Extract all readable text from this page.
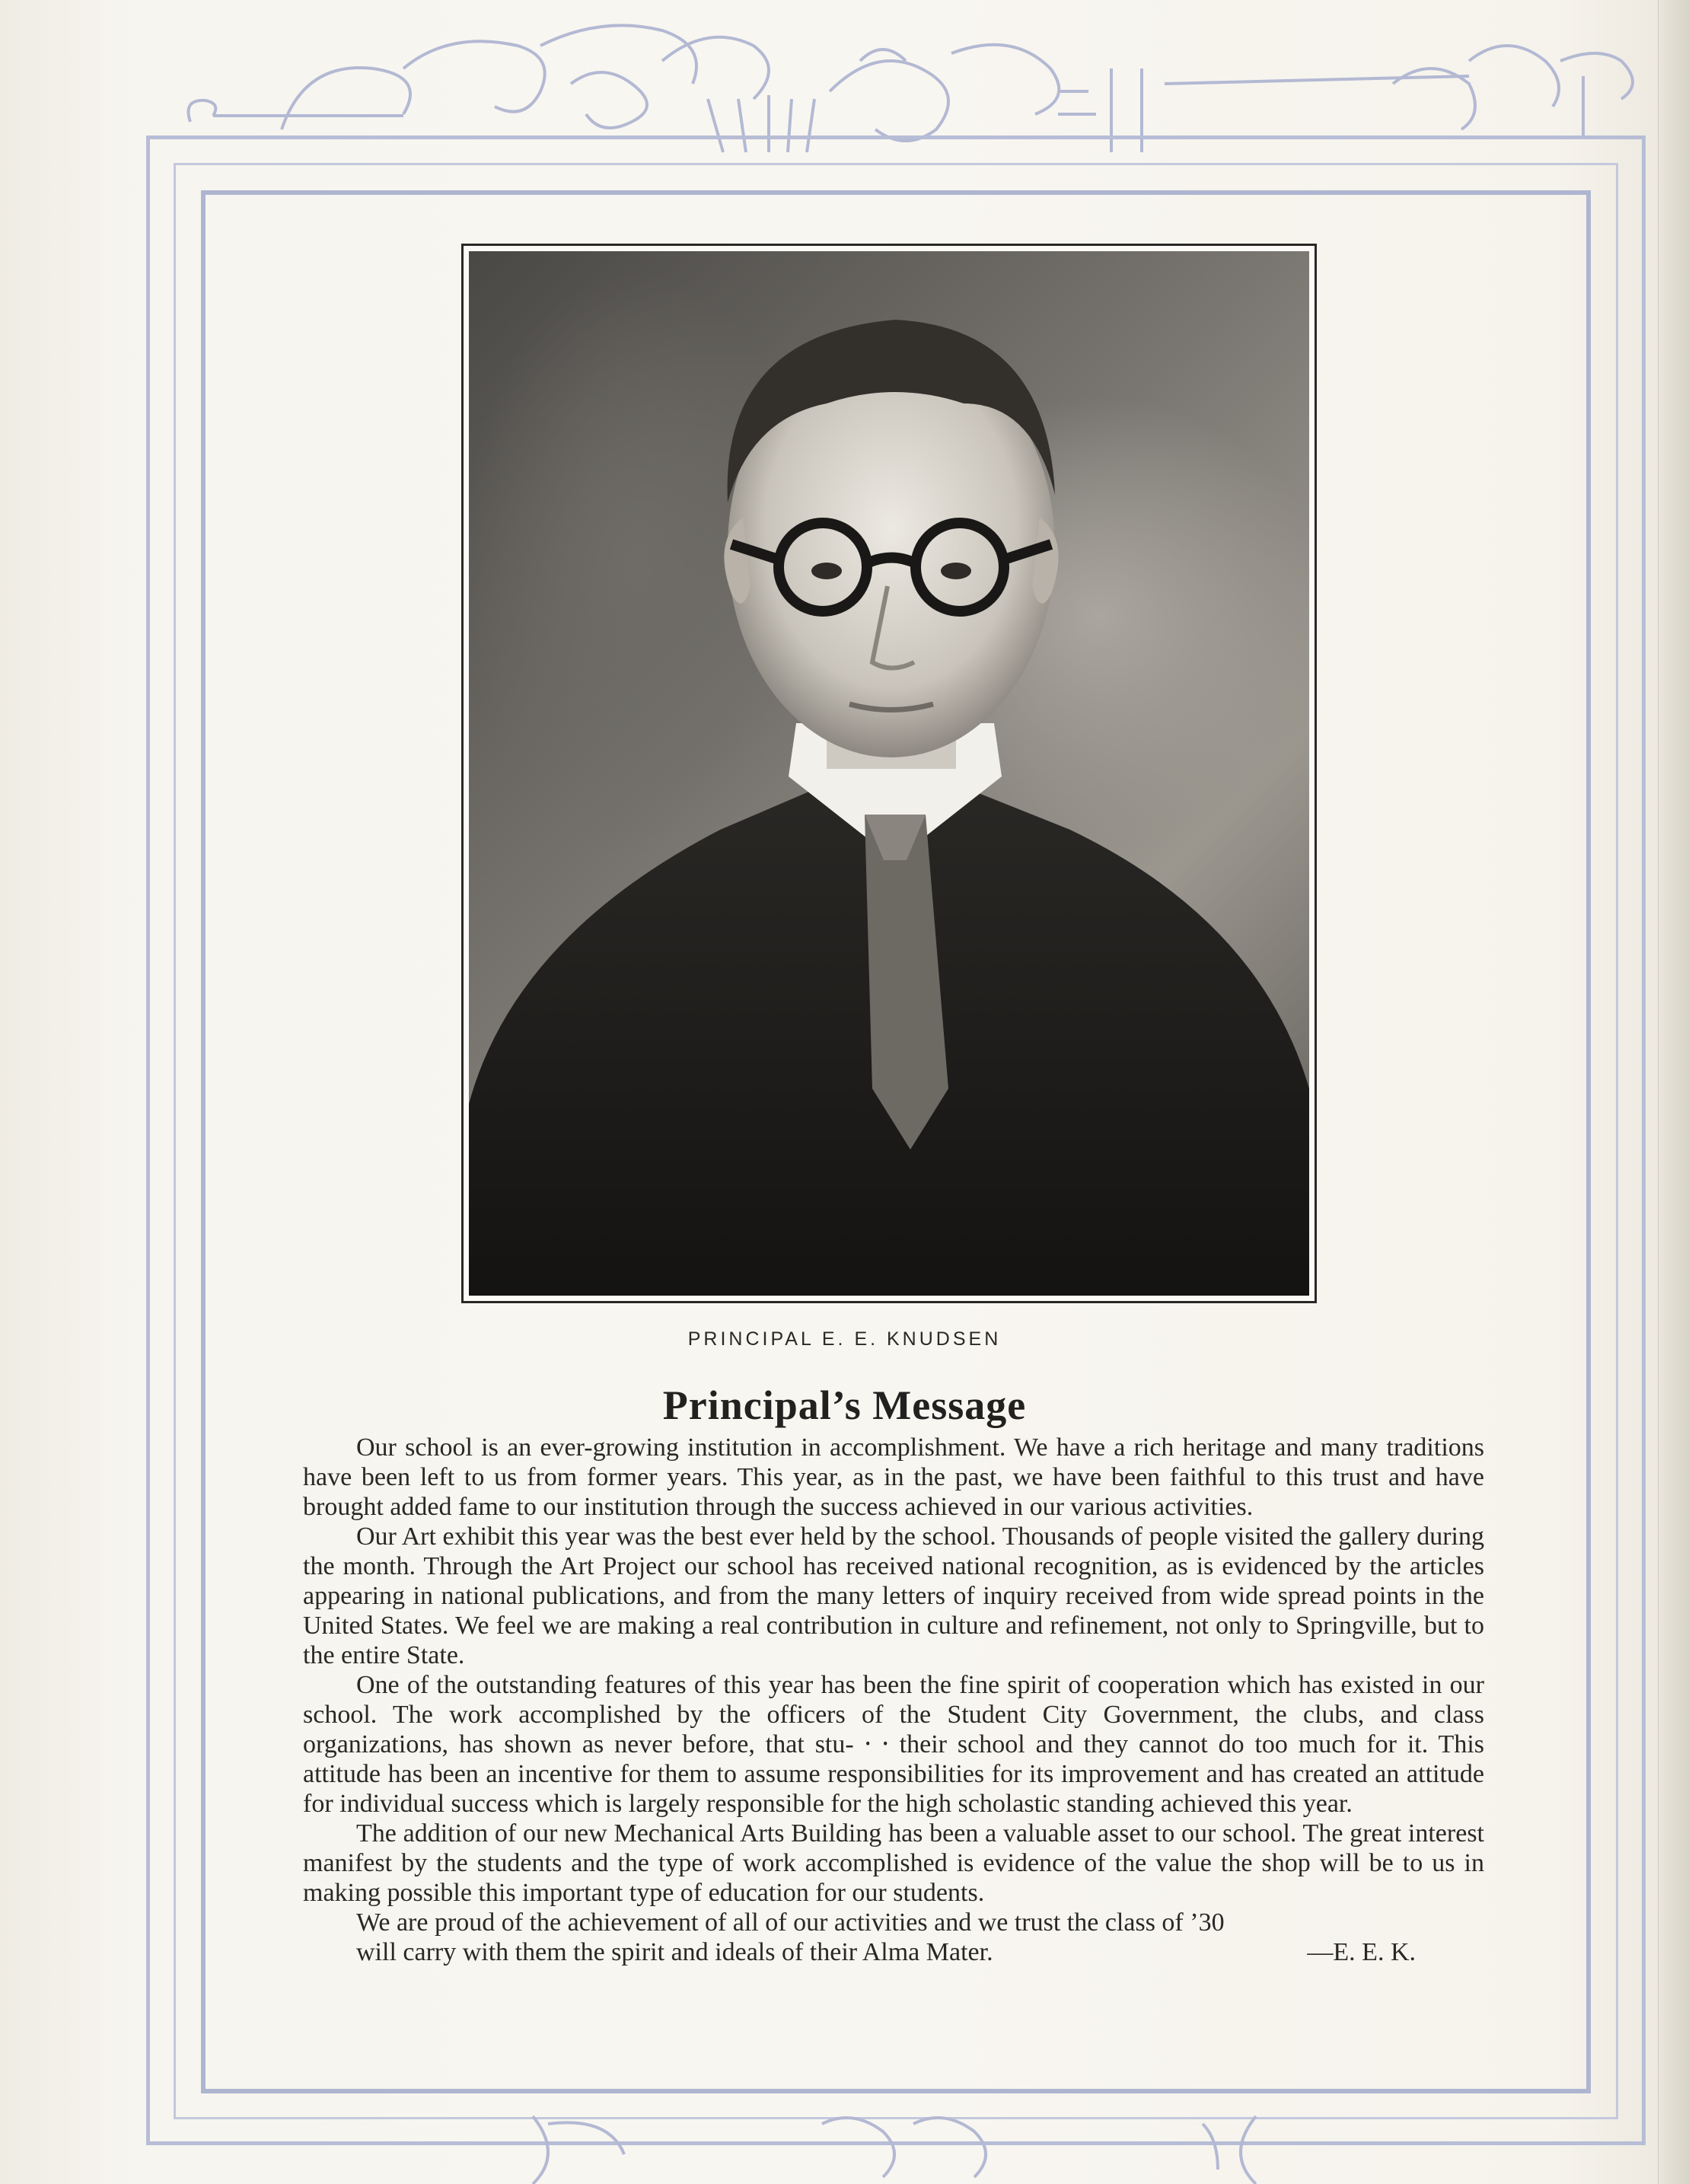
PRINCIPAL E. E. KNUDSEN
Principal’s Message

Our school is an ever-growing institution in accomplishment. We have a rich heritage and many traditions have been left to us from former years. This year, as in the past, we have been faithful to this trust and have brought added fame to our institution through the success achieved in our various activities.

Our Art exhibit this year was the best ever held by the school. Thousands of people visited the gallery during the month. Through the Art Project our school has received national recognition, as is evidenced by the articles appearing in national publications, and from the many letters of inquiry received from wide spread points in the United States. We feel we are making a real contribution in culture and refinement, not only to Springville, but to the entire State.

One of the outstanding features of this year has been the fine spirit of cooperation which has existed in our school. The work accomplished by the officers of the Student City Government, the clubs, and class organizations, has shown as never before, that stu- ⸱ ⸱ their school and they cannot do too much for it. This attitude has been an incentive for them to assume responsibilities for its improvement and has created an attitude for individual success which is largely responsible for the high scholastic standing achieved this year.

The addition of our new Mechanical Arts Building has been a valuable asset to our school. The great interest manifest by the students and the type of work accomplished is evidence of the value the shop will be to us in making possible this important type of education for our students.

We are proud of the achievement of all of our activities and we trust the class of ’30

will carry with them the spirit and ideals of their Alma Mater.	—E. E. K.
